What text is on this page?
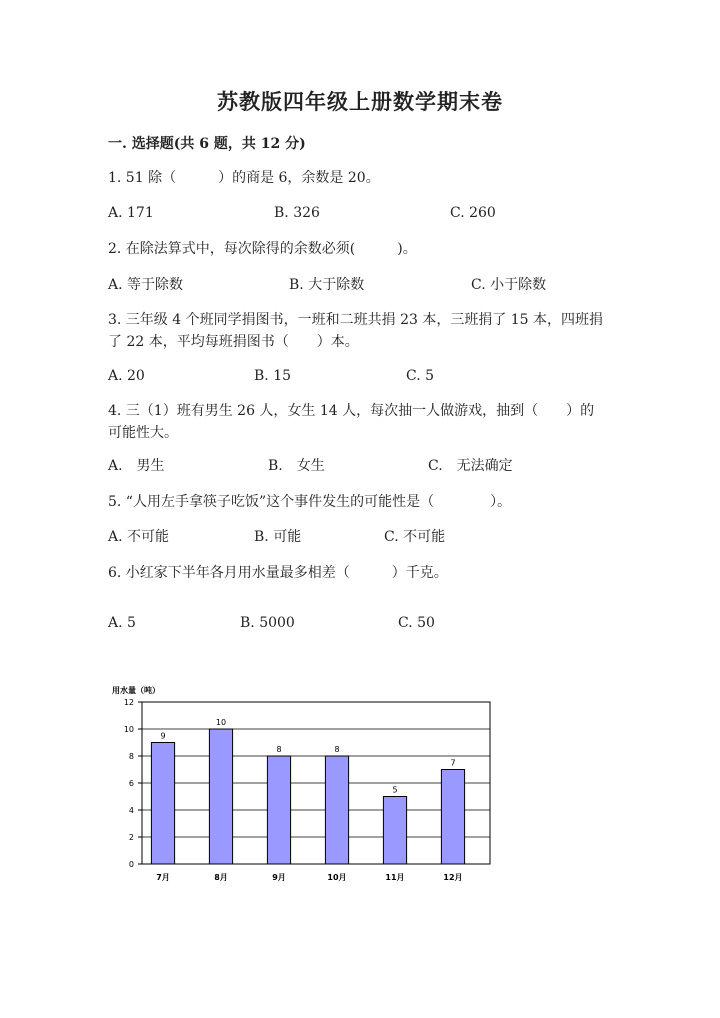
苏教版四年级上册数学期末卷
一. 选择题(共 6 题，共 12 分)
1. 51 除（　　　）的商是 6，余数是 20。
A. 171	B. 326	C. 260
2. 在除法算式中，每次除得的余数必须(　　　)。
A. 等于除数	B. 大于除数	C. 小于除数
3. 三年级 4 个班同学捐图书，一班和二班共捐 23 本，三班捐了 15 本，四班捐了 22 本，平均每班捐图书（　　）本。
A. 20	B. 15	C. 5
4. 三（1）班有男生 26 人，女生 14 人，每次抽一人做游戏，抽到（　　）的可能性大。
A.　男生	B.　女生	C.　无法确定
5. “人用左手拿筷子吃饭”这个事件发生的可能性是（　　　　）。
A. 不可能	B. 可能	C. 不可能
6. 小红家下半年各月用水量最多相差（　　　）千克。
A. 5	B. 5000	C. 50
用水量（吨）
0
2
4
6
8
10
12
9
7月
10
8月
8
9月
8
10月
5
11月
7
12月
